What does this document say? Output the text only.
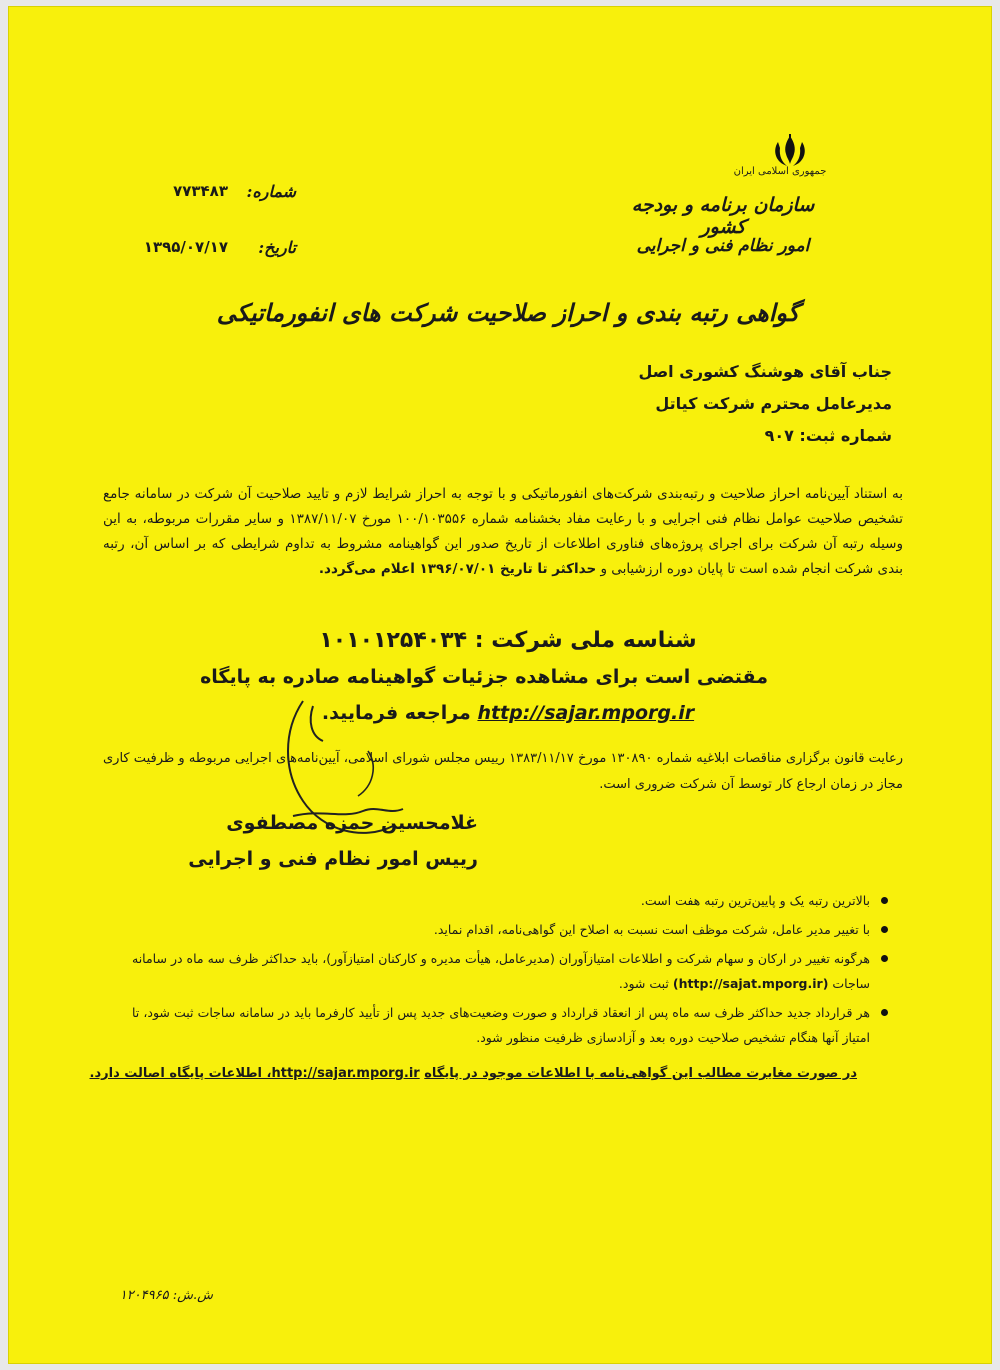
جمهوری اسلامی ایران
سازمان برنامه و بودجه کشور
امور نظام فنی و اجرایی
شماره:
۷۷۳۴۸۳
تاریخ:
۱۳۹۵/۰۷/۱۷
گواهی رتبه بندی و احراز صلاحیت شرکت های انفورماتیکی
جناب آقای هوشنگ کشوری اصل
مدیرعامل محترم شرکت کیاتل
شماره ثبت: ۹۰۷
به استناد آیین‌نامه احراز صلاحیت و رتبه‌بندی شرکت‌های انفورماتیکی و با توجه به احراز شرایط لازم و تایید صلاحیت آن شرکت در سامانه جامع تشخیص صلاحیت عوامل نظام فنی اجرایی و با رعایت مفاد بخشنامه شماره ۱۰۰/۱۰۳۵۵۶ مورخ ۱۳۸۷/۱۱/۰۷ و سایر مقررات مربوطه، به این وسیله رتبه آن شرکت برای اجرای پروژه‌های فناوری اطلاعات از تاریخ صدور این گواهینامه مشروط به تداوم شرایطی که بر اساس آن، رتبه بندی شرکت انجام شده است تا پایان دوره ارزشیابی و حداکثر تا تاریخ ۱۳۹۶/۰۷/۰۱ اعلام می‌گردد.
شناسه ملی شرکت : ۱۰۱۰۱۲۵۴۰۳۴
مقتضی است برای مشاهده جزئیات گواهینامه صادره به پایگاه
http://sajar.mporg.ir مراجعه فرمایید.
رعایت قانون برگزاری مناقصات ابلاغیه شماره ۱۳۰۸۹۰ مورخ ۱۳۸۳/۱۱/۱۷ رییس مجلس شورای اسلامی، آیین‌نامه‌های اجرایی مربوطه و ظرفیت کاری مجاز در زمان ارجاع کار توسط آن شرکت ضروری است.
غلامحسین حمزه مصطفوی
رییس امور نظام فنی و اجرایی
بالاترین رتبه یک و پایین‌ترین رتبه هفت است.
با تغییر مدیر عامل، شرکت موظف است نسبت به اصلاح این گواهی‌نامه، اقدام نماید.
هرگونه تغییر در ارکان و سهام شرکت و اطلاعات امتیازآوران (مدیرعامل، هیأت مدیره و کارکنان امتیازآور)، باید حداکثر ظرف سه ماه در سامانه ساجات (http://sajat.mporg.ir) ثبت شود.
هر قرارداد جدید حداکثر ظرف سه ماه پس از انعقاد قرارداد و صورت وضعیت‌های جدید پس از تأیید کارفرما باید در سامانه ساجات ثبت شود، تا امتیاز آنها هنگام تشخیص صلاحیت دوره بعد و آزادسازی ظرفیت منظور شود.
در صورت مغایرت مطالب این گواهی‌نامه با اطلاعات موجود در پایگاه http://sajar.mporg.ir، اطلاعات پایگاه اصالت دارد.
ش.ش: ۱۲۰۴۹۶۵
